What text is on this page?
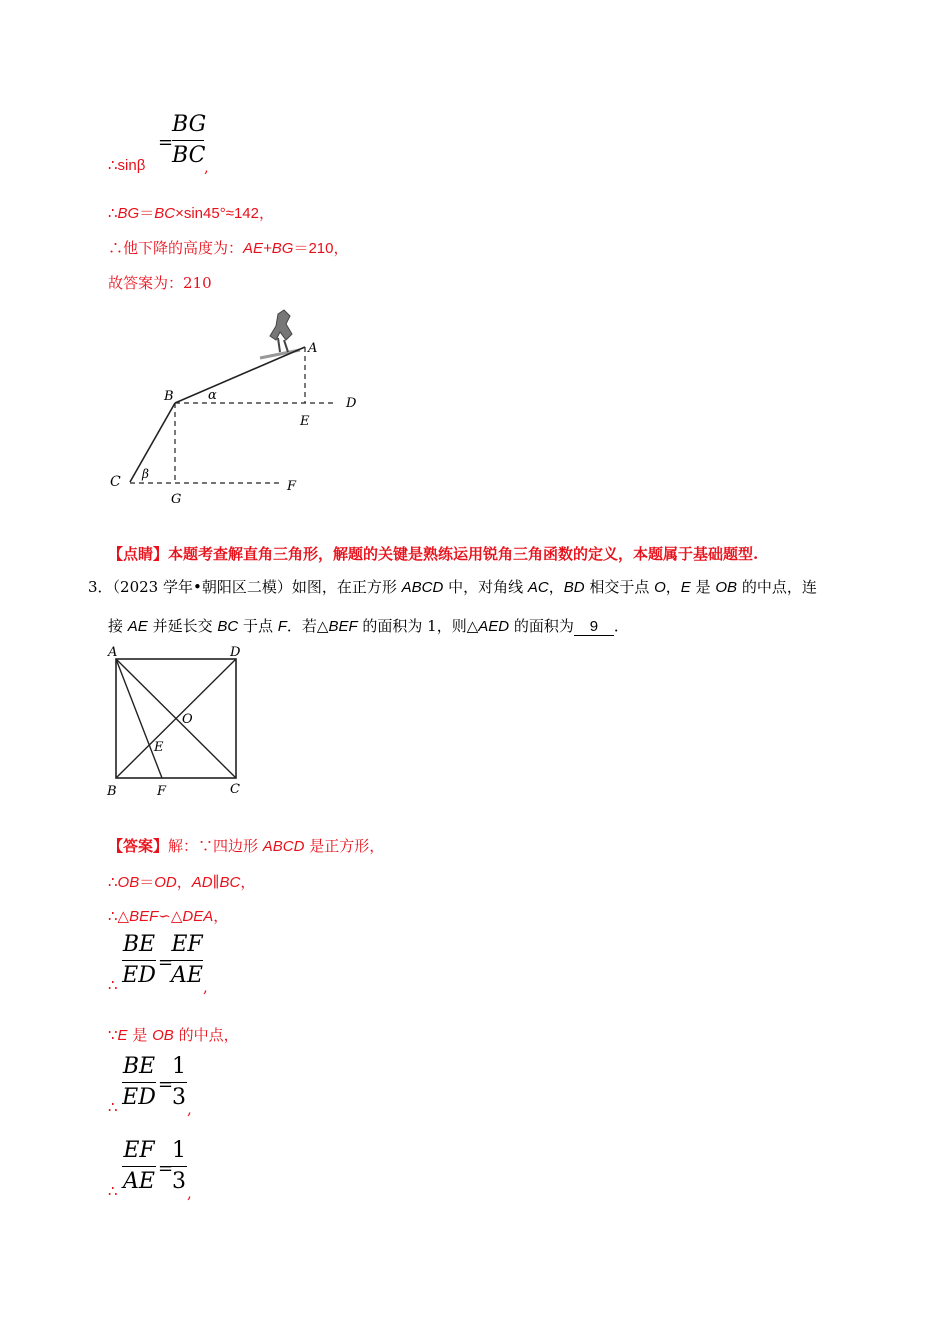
∴sinβ
=
BG
BC
,
∴BG＝BC×sin45°≈142，
∴他下降的高度为：AE+BG＝210，
故答案为：210
A
B	α
D
E
C β
G
F
【点睛】本题考查解直角三角形，解题的关键是熟练运用锐角三角函数的定义，本题属于基础题型.
3．（2023 学年•朝阳区二模）如图，在正方形 ABCD 中，对角线 AC，BD 相交于点 O，E 是 OB 的中点，连
接 AE 并延长交 BC 于点 F．若△BEF 的面积为 1，则△AED 的面积为 9 ．
A	D
O
E
B	F	C
【答案】解：∵四边形 ABCD 是正方形，
∴OB＝OD，AD∥BC，
∴△BEF∽△DEA，
∴
BE
ED
=
EF
AE ,
∵E 是 OB 的中点，
∴
BE
ED
=
1
3 ,
∴
EF
AE
=
1
3 ,
